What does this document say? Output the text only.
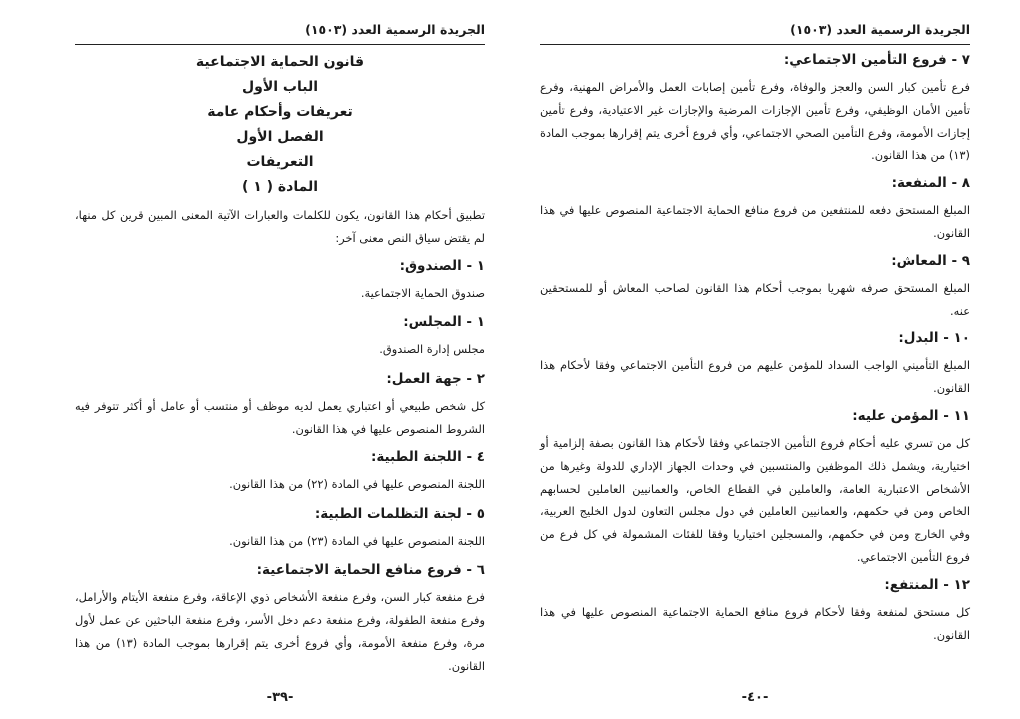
الجريدة الرسمية العدد (١٥٠٣)
٧ - فروع التأمين الاجتماعي:
فرع تأمين كبار السن والعجز والوفاة، وفرع تأمين إصابات العمل والأمراض المهنية، وفرع تأمين الأمان الوظيفي، وفرع تأمين الإجازات المرضية والإجازات غير الاعتيادية، وفرع تأمين إجازات الأمومة، وفرع التأمين الصحي الاجتماعي، وأي فروع أخرى يتم إقرارها بموجب المادة (١٣) من هذا القانون.
٨ - المنفعة:
المبلغ المستحق دفعه للمنتفعين من فروع منافع الحماية الاجتماعية المنصوص عليها في هذا القانون.
٩ - المعاش:
المبلغ المستحق صرفه شهريا بموجب أحكام هذا القانون لصاحب المعاش أو للمستحقين عنه.
١٠ - البدل:
المبلغ التأميني الواجب السداد للمؤمن عليهم من فروع التأمين الاجتماعي وفقا لأحكام هذا القانون.
١١ - المؤمن عليه:
كل من تسري عليه أحكام فروع التأمين الاجتماعي وفقا لأحكام هذا القانون بصفة إلزامية أو اختيارية، ويشمل ذلك الموظفين والمنتسبين في وحدات الجهاز الإداري للدولة وغيرها من الأشخاص الاعتبارية العامة، والعاملين في القطاع الخاص، والعمانيين العاملين لحسابهم الخاص ومن في حكمهم، والعمانيين العاملين في دول مجلس التعاون لدول الخليج العربية، وفي الخارج ومن في حكمهم، والمسجلين اختياريا وفقا للفئات المشمولة في كل فرع من فروع التأمين الاجتماعي.
١٢ - المنتفع:
كل مستحق لمنفعة وفقا لأحكام فروع منافع الحماية الاجتماعية المنصوص عليها في هذا القانون.
-٤٠-
الجريدة الرسمية العدد (١٥٠٣)
قانون الحماية الاجتماعية
الباب الأول
تعريفات وأحكام عامة
الفصل الأول
التعريفات
المادة ( ١ )
تطبيق أحكام هذا القانون، يكون للكلمات والعبارات الآتية المعنى المبين قرين كل منها، لم يقتض سياق النص معنى آخر:
١ - الصندوق:
صندوق الحماية الاجتماعية.
١ - المجلس:
مجلس إدارة الصندوق.
٢ - جهة العمل:
كل شخص طبيعي أو اعتباري يعمل لديه موظف أو منتسب أو عامل أو أكثر تتوفر فيه الشروط المنصوص عليها في هذا القانون.
٤ - اللجنة الطبية:
اللجنة المنصوص عليها في المادة (٢٢) من هذا القانون.
٥ - لجنة التظلمات الطبية:
اللجنة المنصوص عليها في المادة (٢٣) من هذا القانون.
٦ - فروع منافع الحماية الاجتماعية:
فرع منفعة كبار السن، وفرع منفعة الأشخاص ذوي الإعاقة، وفرع منفعة الأيتام والأرامل، وفرع منفعة الطفولة، وفرع منفعة دعم دخل الأسر، وفرع منفعة الباحثين عن عمل لأول مرة، وفرع منفعة الأمومة، وأي فروع أخرى يتم إقرارها بموجب المادة (١٣) من هذا القانون.
-٣٩-
